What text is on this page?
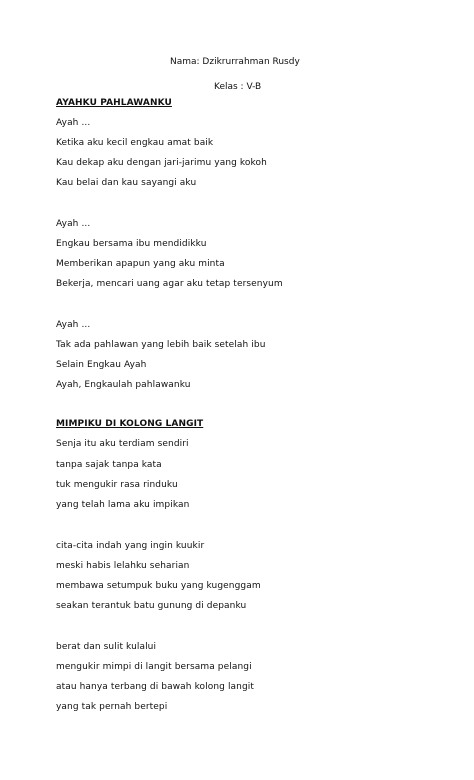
Nama: Dzikrurrahman Rusdy
Kelas : V-B
AYAHKU PAHLAWANKU
Ayah ...
Ketika aku kecil engkau amat baik
Kau dekap aku dengan jari-jarimu yang kokoh
Kau belai dan kau sayangi aku
Ayah ...
Engkau bersama ibu mendidikku
Memberikan apapun yang aku minta
Bekerja, mencari uang agar aku tetap tersenyum
Ayah ...
Tak ada pahlawan yang lebih baik setelah ibu
Selain Engkau Ayah
Ayah, Engkaulah pahlawanku
MIMPIKU DI KOLONG LANGIT
Senja itu aku terdiam sendiri
tanpa sajak tanpa kata
tuk mengukir rasa rinduku
yang telah lama aku impikan
cita-cita indah yang ingin kuukir
meski habis lelahku seharian
membawa setumpuk buku yang kugenggam
seakan terantuk batu gunung di depanku
berat dan sulit kulalui
mengukir mimpi di langit bersama pelangi
atau hanya terbang di bawah kolong langit
yang tak pernah bertepi
